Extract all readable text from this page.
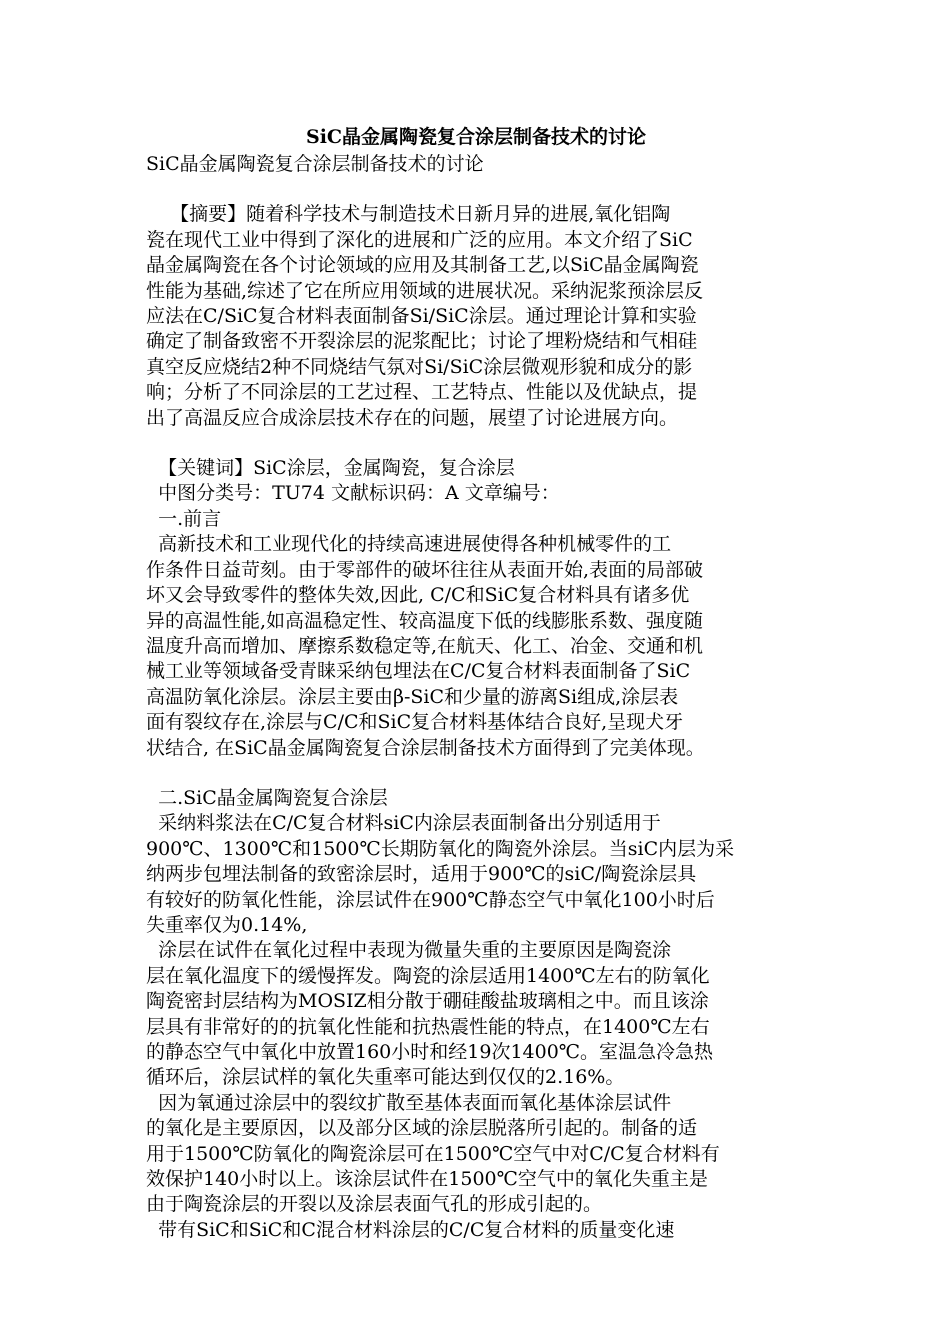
SiC晶金属陶瓷复合涂层制备技术的讨论
SiC晶金属陶瓷复合涂层制备技术的讨论
【摘要】随着科学技术与制造技术日新月异的进展,氧化铝陶
瓷在现代工业中得到了深化的进展和广泛的应用。本文介绍了SiC
晶金属陶瓷在各个讨论领域的应用及其制备工艺,以SiC晶金属陶瓷
性能为基础,综述了它在所应用领域的进展状况。采纳泥浆预涂层反
应法在C/SiC复合材料表面制备Si/SiC涂层。通过理论计算和实验
确定了制备致密不开裂涂层的泥浆配比；讨论了埋粉烧结和气相硅
真空反应烧结2种不同烧结气氛对Si/SiC涂层微观形貌和成分的影
响；分析了不同涂层的工艺过程、工艺特点、性能以及优缺点，提
出了高温反应合成涂层技术存在的问题，展望了讨论进展方向。
【关键词】SiC涂层，金属陶瓷，复合涂层
中图分类号：TU74 文献标识码：A 文章编号：
一.前言
高新技术和工业现代化的持续高速进展使得各种机械零件的工
作条件日益苛刻。由于零部件的破坏往往从表面开始,表面的局部破
坏又会导致零件的整体失效,因此, C/C和SiC复合材料具有诸多优
异的高温性能,如高温稳定性、较高温度下低的线膨胀系数、强度随
温度升高而增加、摩擦系数稳定等,在航天、化工、冶金、交通和机
械工业等领域备受青睐采纳包埋法在C/C复合材料表面制备了SiC
高温防氧化涂层。涂层主要由β-SiC和少量的游离Si组成,涂层表
面有裂纹存在,涂层与C/C和SiC复合材料基体结合良好,呈现犬牙
状结合, 在SiC晶金属陶瓷复合涂层制备技术方面得到了完美体现。
二.SiC晶金属陶瓷复合涂层
采纳料浆法在C/C复合材料siC内涂层表面制备出分别适用于
900℃、1300℃和1500℃长期防氧化的陶瓷外涂层。当siC内层为采
纳两步包埋法制备的致密涂层时，适用于900℃的siC/陶瓷涂层具
有较好的防氧化性能，涂层试件在900℃静态空气中氧化100小时后
失重率仅为0.14%,
涂层在试件在氧化过程中表现为微量失重的主要原因是陶瓷涂
层在氧化温度下的缓慢挥发。陶瓷的涂层适用1400℃左右的防氧化
陶瓷密封层结构为MOSIZ相分散于硼硅酸盐玻璃相之中。而且该涂
层具有非常好的的抗氧化性能和抗热震性能的特点，在1400℃左右
的静态空气中氧化中放置160小时和经19次1400℃。室温急冷急热
循环后，涂层试样的氧化失重率可能达到仅仅的2.16%。
因为氧通过涂层中的裂纹扩散至基体表面而氧化基体涂层试件
的氧化是主要原因，以及部分区域的涂层脱落所引起的。制备的适
用于1500℃防氧化的陶瓷涂层可在1500℃空气中对C/C复合材料有
效保护140小时以上。该涂层试件在1500℃空气中的氧化失重主是
由于陶瓷涂层的开裂以及涂层表面气孔的形成引起的。
带有SiC和SiC和C混合材料涂层的C/C复合材料的质量变化速
